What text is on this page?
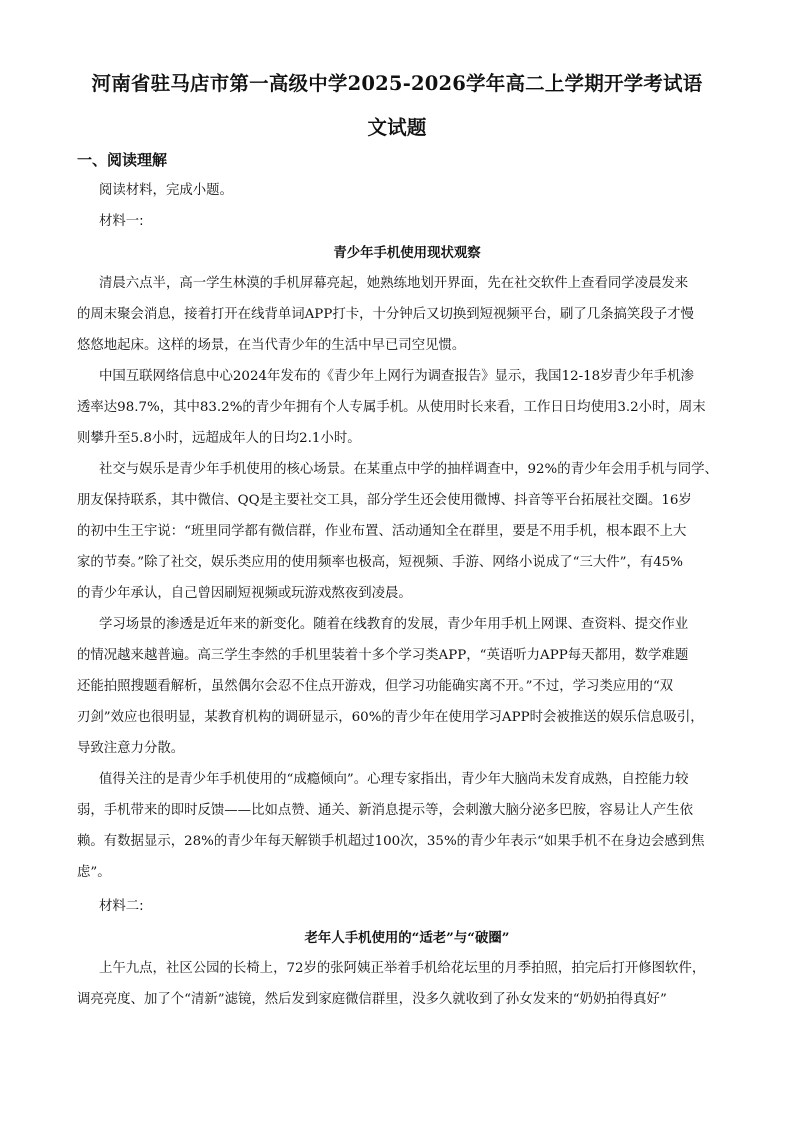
河南省驻马店市第一高级中学2025-2026学年高二上学期开学考试语
文试题
一、阅读理解
阅读材料，完成小题。
材料一:
青少年手机使用现状观察
清晨六点半，高一学生林漠的手机屏幕亮起，她熟练地划开界面，先在社交软件上查看同学凌晨发来
的周末聚会消息，接着打开在线背单词APP打卡，十分钟后又切换到短视频平台，刷了几条搞笑段子才慢
悠悠地起床。这样的场景，在当代青少年的生活中早已司空见惯。
中国互联网络信息中心2024年发布的《青少年上网行为调查报告》显示，我国12-18岁青少年手机渗
透率达98.7%，其中83.2%的青少年拥有个人专属手机。从使用时长来看，工作日日均使用3.2小时，周末
则攀升至5.8小时，远超成年人的日均2.1小时。
社交与娱乐是青少年手机使用的核心场景。在某重点中学的抽样调查中，92%的青少年会用手机与同学、
朋友保持联系，其中微信、QQ是主要社交工具，部分学生还会使用微博、抖音等平台拓展社交圈。16岁
的初中生王宇说：“班里同学都有微信群，作业布置、活动通知全在群里，要是不用手机，根本跟不上大
家的节奏。”除了社交，娱乐类应用的使用频率也极高，短视频、手游、网络小说成了“三大件”，有45%
的青少年承认，自己曾因刷短视频或玩游戏熬夜到凌晨。
学习场景的渗透是近年来的新变化。随着在线教育的发展，青少年用手机上网课、查资料、提交作业
的情况越来越普遍。高三学生李然的手机里装着十多个学习类APP，“英语听力APP每天都用，数学难题
还能拍照搜题看解析，虽然偶尔会忍不住点开游戏，但学习功能确实离不开。”不过，学习类应用的“双
刃剑”效应也很明显，某教育机构的调研显示，60%的青少年在使用学习APP时会被推送的娱乐信息吸引，
导致注意力分散。
值得关注的是青少年手机使用的“成瘾倾向”。心理专家指出，青少年大脑尚未发育成熟，自控能力较
弱，手机带来的即时反馈——比如点赞、通关、新消息提示等，会刺激大脑分泌多巴胺，容易让人产生依
赖。有数据显示，28%的青少年每天解锁手机超过100次，35%的青少年表示“如果手机不在身边会感到焦
虑”。
材料二:
老年人手机使用的“适老”与“破圈”
上午九点，社区公园的长椅上，72岁的张阿姨正举着手机给花坛里的月季拍照，拍完后打开修图软件，
调亮亮度、加了个“清新”滤镜，然后发到家庭微信群里，没多久就收到了孙女发来的“奶奶拍得真好”
